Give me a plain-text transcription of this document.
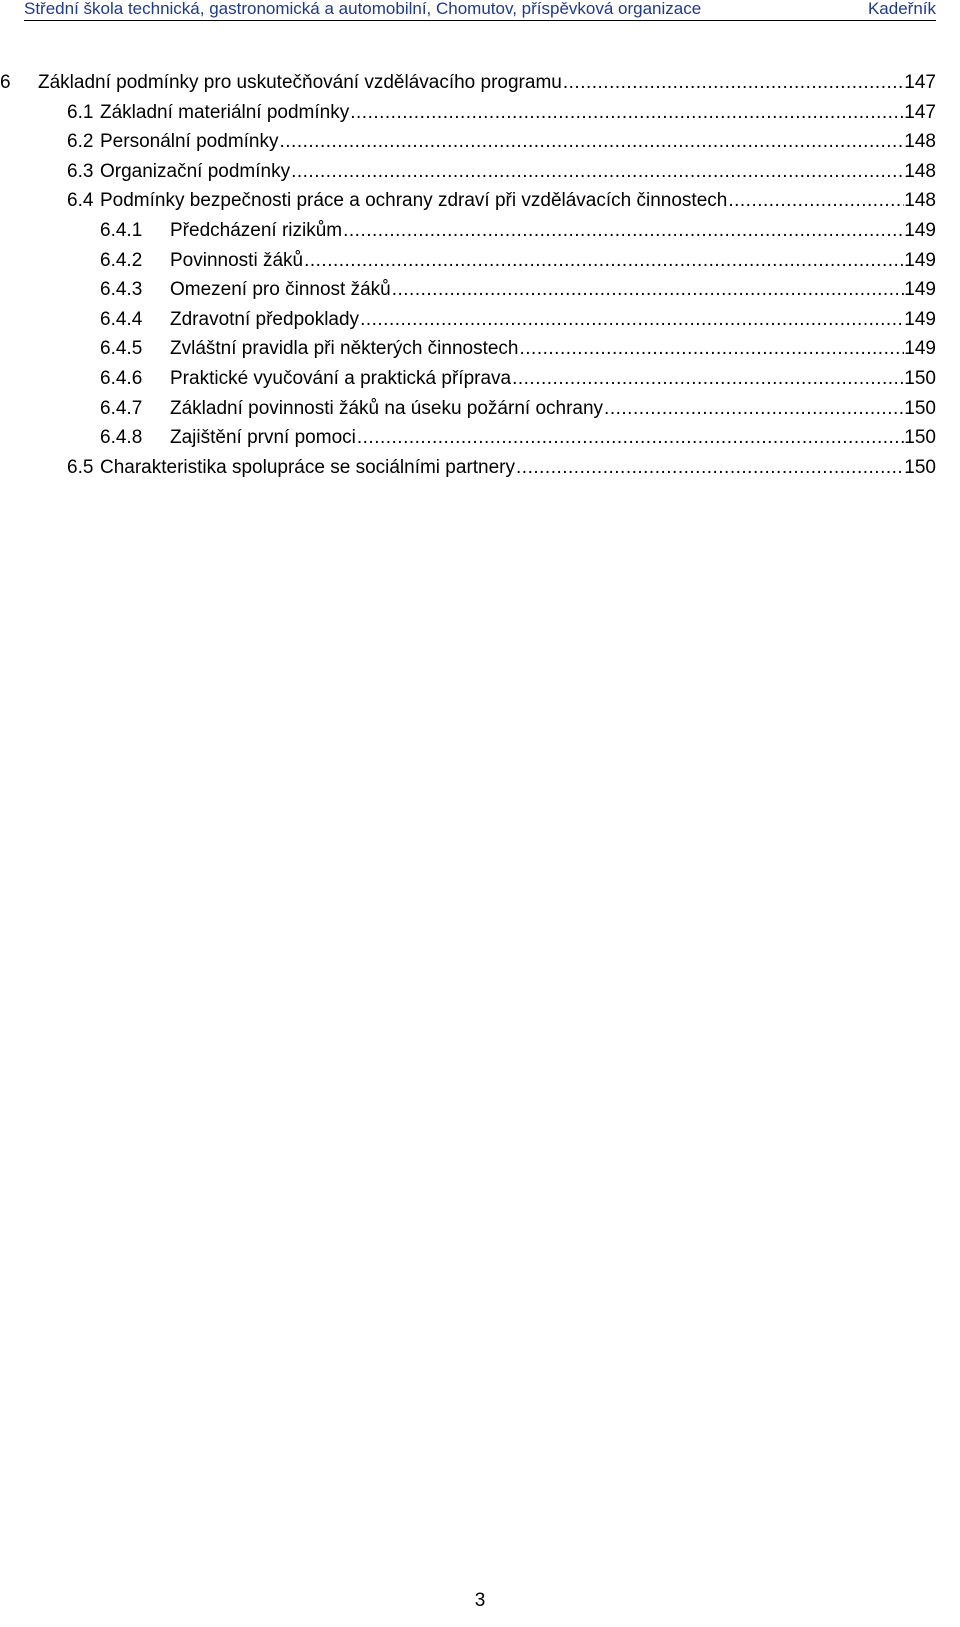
Střední škola technická, gastronomická a automobilní, Chomutov, příspěvková organizace	Kadeřník
6 Základní podmínky pro uskutečňování vzdělávacího programu .....	147
6.1 Základní materiální podmínky .....	147
6.2 Personální podmínky .....	148
6.3 Organizační podmínky .....	148
6.4 Podmínky bezpečnosti práce a ochrany zdraví při vzdělávacích činnostech .....	148
6.4.1 Předcházení rizikům .....	149
6.4.2 Povinnosti žáků .....	149
6.4.3 Omezení pro činnost žáků .....	149
6.4.4 Zdravotní předpoklady .....	149
6.4.5 Zvláštní pravidla při některých činnostech .....	149
6.4.6 Praktické vyučování a praktická příprava .....	150
6.4.7 Základní povinnosti žáků na úseku požární ochrany .....	150
6.4.8 Zajištění první pomoci .....	150
6.5 Charakteristika spolupráce se sociálními partnery .....	150
3
